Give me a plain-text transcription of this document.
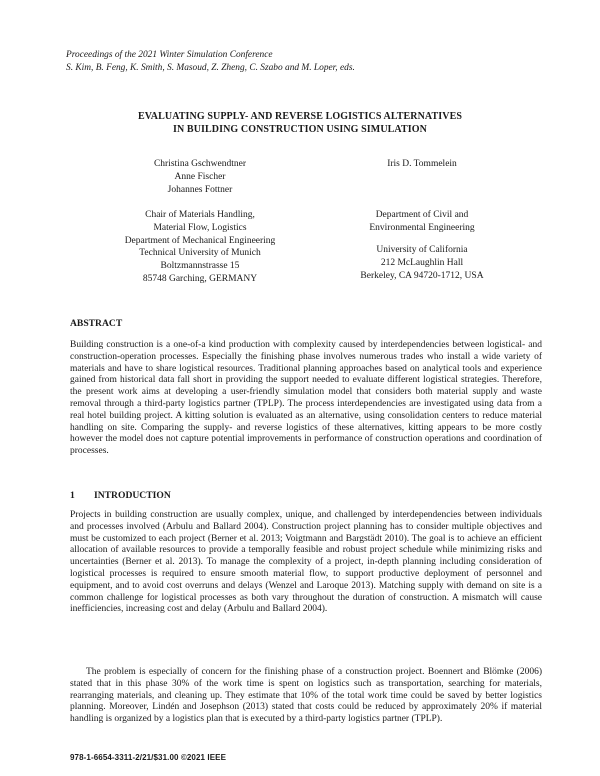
Proceedings of the 2021 Winter Simulation Conference
S. Kim, B. Feng, K. Smith, S. Masoud, Z. Zheng, C. Szabo and M. Loper, eds.
EVALUATING SUPPLY- AND REVERSE LOGISTICS ALTERNATIVES
IN BUILDING CONSTRUCTION USING SIMULATION
Christina Gschwendtner
Anne Fischer
Johannes Fottner
Iris D. Tommelein
Chair of Materials Handling,
Material Flow, Logistics
Department of Mechanical Engineering
Technical University of Munich
Boltzmannstrasse 15
85748 Garching, GERMANY
Department of Civil and
Environmental Engineering
University of California
212 McLaughlin Hall
Berkeley, CA 94720-1712, USA
ABSTRACT
Building construction is a one-of-a kind production with complexity caused by interdependencies between logistical- and construction-operation processes. Especially the finishing phase involves numerous trades who install a wide variety of materials and have to share logistical resources. Traditional planning approaches based on analytical tools and experience gained from historical data fall short in providing the support needed to evaluate different logistical strategies. Therefore, the present work aims at developing a user-friendly simulation model that considers both material supply and waste removal through a third-party logistics partner (TPLP). The process interdependencies are investigated using data from a real hotel building project. A kitting solution is evaluated as an alternative, using consolidation centers to reduce material handling on site. Comparing the supply- and reverse logistics of these alternatives, kitting appears to be more costly however the model does not capture potential improvements in performance of construction operations and coordination of processes.
1 INTRODUCTION
Projects in building construction are usually complex, unique, and challenged by interdependencies between individuals and processes involved (Arbulu and Ballard 2004). Construction project planning has to consider multiple objectives and must be customized to each project (Berner et al. 2013; Voigtmann and Bargstädt 2010). The goal is to achieve an efficient allocation of available resources to provide a temporally feasible and robust project schedule while minimizing risks and uncertainties (Berner et al. 2013). To manage the complexity of a project, in-depth planning including consideration of logistical processes is required to ensure smooth material flow, to support productive deployment of personnel and equipment, and to avoid cost overruns and delays (Wenzel and Laroque 2013). Matching supply with demand on site is a common challenge for logistical processes as both vary throughout the duration of construction. A mismatch will cause inefficiencies, increasing cost and delay (Arbulu and Ballard 2004).
The problem is especially of concern for the finishing phase of a construction project. Boennert and Blömke (2006) stated that in this phase 30% of the work time is spent on logistics such as transportation, searching for materials, rearranging materials, and cleaning up. They estimate that 10% of the total work time could be saved by better logistics planning. Moreover, Lindén and Josephson (2013) stated that costs could be reduced by approximately 20% if material handling is organized by a logistics plan that is executed by a third-party logistics partner (TPLP).
978-1-6654-3311-2/21/$31.00 ©2021 IEEE
